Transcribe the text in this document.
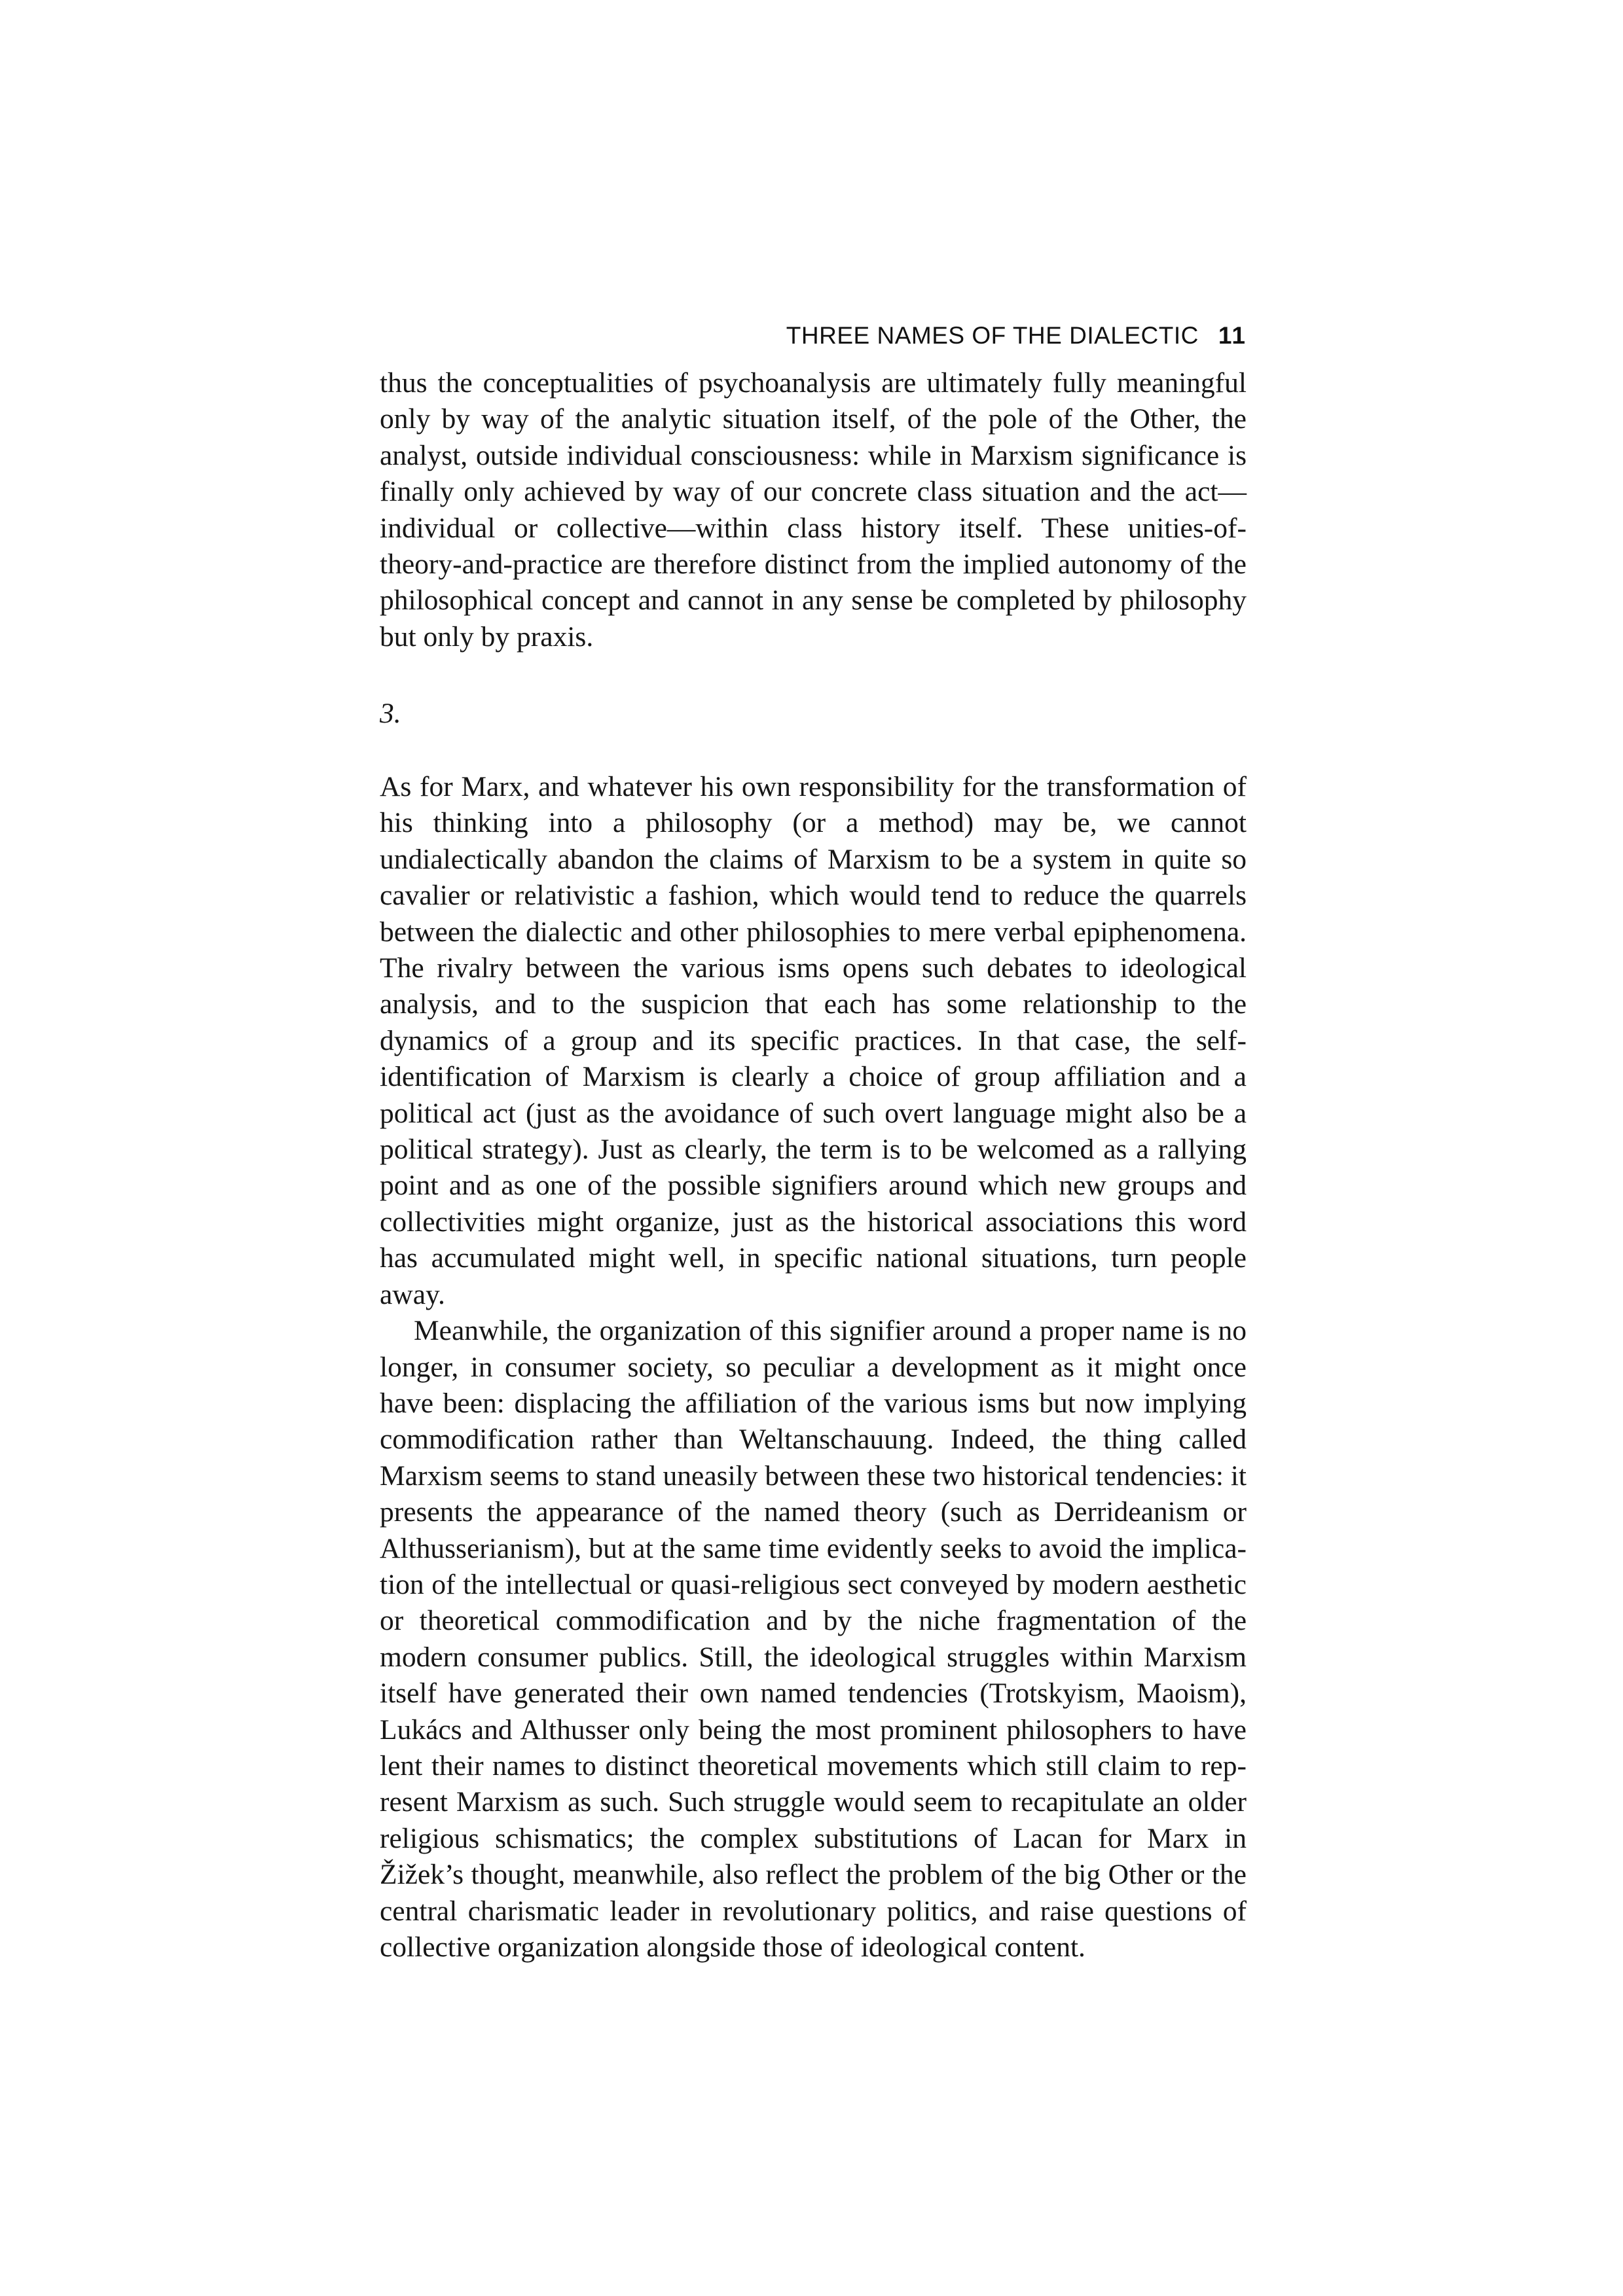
THREE NAMES OF THE DIALECTIC 11

thus the conceptualities of psychoanalysis are ultimately fully meaningful only by way of the analytic situation itself, of the pole of the Other, the analyst, outside individual consciousness: while in Marxism significance is finally only achieved by way of our concrete class situation and the act—individual or collective—within class history itself. These unities-of-theory-and-practice are therefore distinct from the implied autonomy of the philosophical concept and cannot in any sense be completed by philosophy but only by praxis.

3.

As for Marx, and whatever his own responsibility for the transformation of his thinking into a philosophy (or a method) may be, we cannot undialectically abandon the claims of Marxism to be a system in quite so cavalier or relativistic a fashion, which would tend to reduce the quarrels between the dialectic and other philosophies to mere verbal epiphenomena. The rivalry between the various isms opens such debates to ideological analysis, and to the suspicion that each has some relationship to the dynamics of a group and its specific practices. In that case, the self-identification of Marxism is clearly a choice of group affiliation and a political act (just as the avoidance of such overt language might also be a political strategy). Just as clearly, the term is to be welcomed as a rallying point and as one of the possible signifiers around which new groups and collectivities might organize, just as the historical associations this word has accumulated might well, in specific national situations, turn people away.

Meanwhile, the organization of this signifier around a proper name is no longer, in consumer society, so peculiar a development as it might once have been: displacing the affiliation of the various isms but now implying commodification rather than Weltanschauung. Indeed, the thing called Marxism seems to stand uneasily between these two historical tendencies: it presents the appearance of the named theory (such as Derrideanism or Althusserianism), but at the same time evidently seeks to avoid the implication of the intellectual or quasi-religious sect conveyed by modern aesthetic or theoretical commodification and by the niche fragmentation of the modern consumer publics. Still, the ideological struggles within Marxism itself have generated their own named tendencies (Trotskyism, Maoism), Lukács and Althusser only being the most prominent philosophers to have lent their names to distinct theoretical movements which still claim to represent Marxism as such. Such struggle would seem to recapitulate an older religious schismatics; the complex substitutions of Lacan for Marx in Žižek’s thought, meanwhile, also reflect the problem of the big Other or the central charismatic leader in revolutionary politics, and raise questions of collective organization alongside those of ideological content.
